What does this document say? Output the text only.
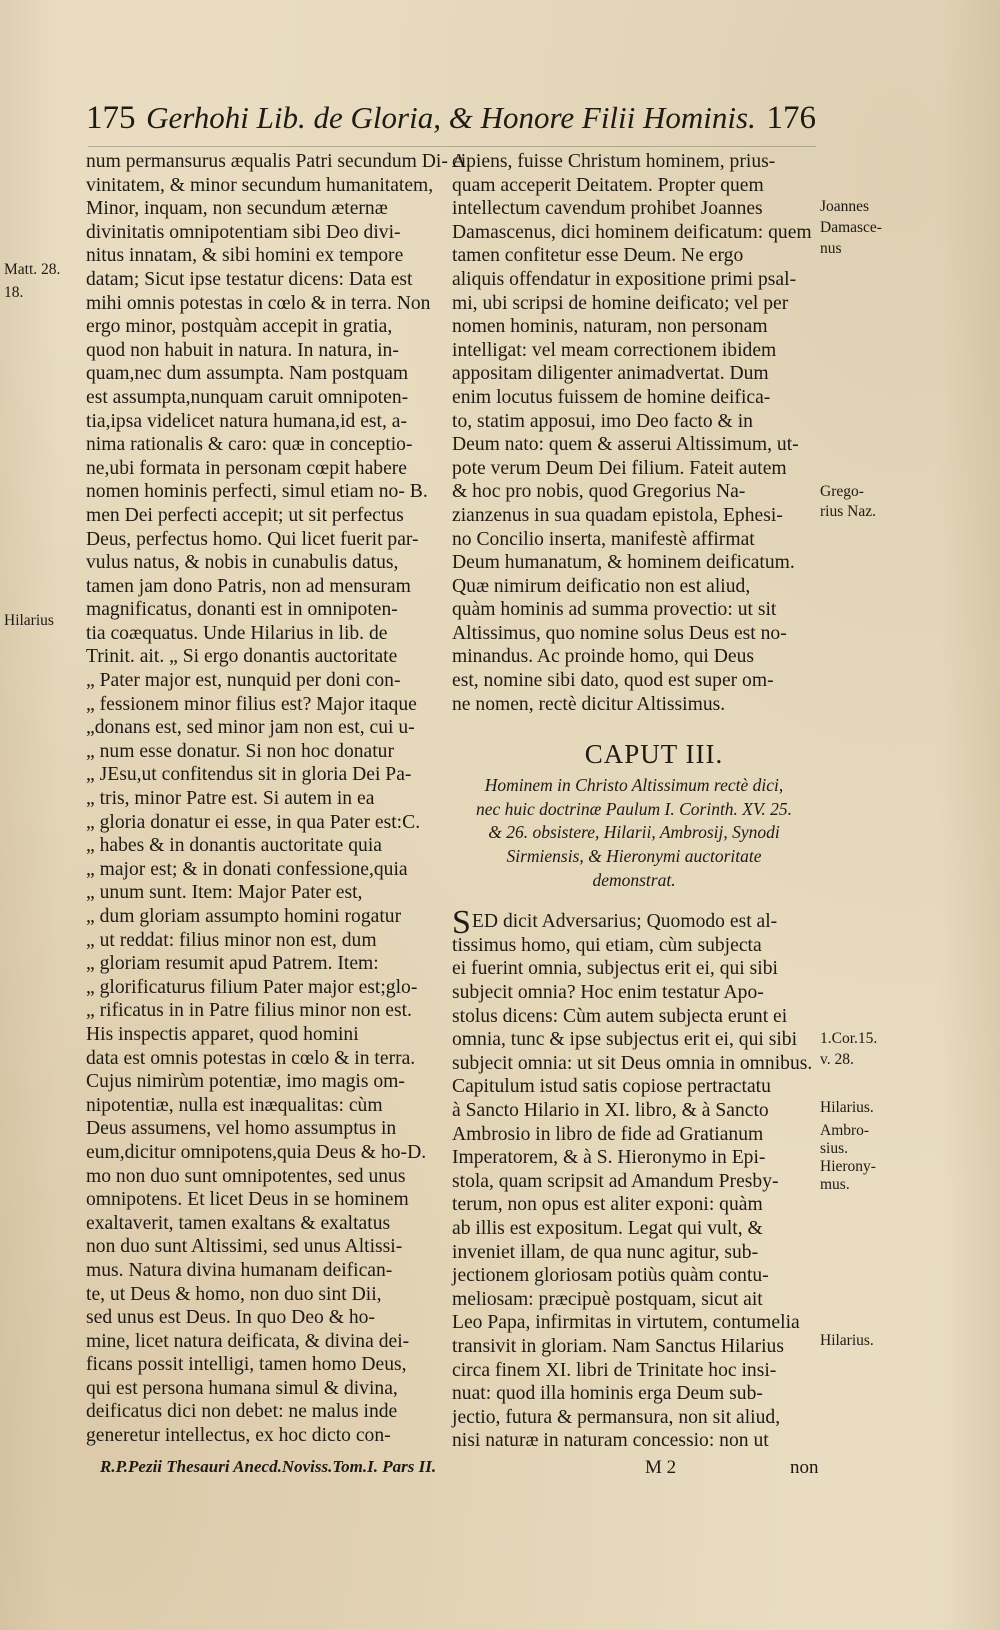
175 Gerhohi Lib. de Gloria, & Honore Filii Hominis. 176
num permansurus æqualis Patri secundum Di- A.
vinitatem, & minor secundum humanitatem,
Minor, inquam, non secundum æternæ
divinitatis omnipotentiam sibi Deo divi-
nitus innatam, & sibi homini ex tempore
datam; Sicut ipse testatur dicens: Data est
mihi omnis potestas in cœlo & in terra. Non
ergo minor, postquàm accepit in gratia,
quod non habuit in natura. In natura, in-
quam,nec dum assumpta. Nam postquam
est assumpta,nunquam caruit omnipoten-
tia,ipsa videlicet natura humana,id est, a-
nima rationalis & caro: quæ in conceptio-
ne,ubi formata in personam cœpit habere
nomen hominis perfecti, simul etiam no- B.
men Dei perfecti accepit; ut sit perfectus
Deus, perfectus homo. Qui licet fuerit par-
vulus natus, & nobis in cunabulis datus,
tamen jam dono Patris, non ad mensuram
magnificatus, donanti est in omnipoten-
tia coæquatus. Unde Hilarius in lib. de
Trinit. ait. „ Si ergo donantis auctoritate
„ Pater major est, nunquid per doni con-
„ fessionem minor filius est? Major itaque
„donans est, sed minor jam non est, cui u-
„ num esse donatur. Si non hoc donatur
„ JEsu,ut confitendus sit in gloria Dei Pa-
„ tris, minor Patre est. Si autem in ea
„ gloria donatur ei esse, in qua Pater est:C.
„ habes & in donantis auctoritate quia
„ major est; & in donati confessione,quia
„ unum sunt. Item: Major Pater est,
„ dum gloriam assumpto homini rogatur
„ ut reddat: filius minor non est, dum
„ gloriam resumit apud Patrem. Item:
„ glorificaturus filium Pater major est;glo-
„ rificatus in in Patre filius minor non est.
His inspectis apparet, quod homini
data est omnis potestas in cœlo & in terra.
Cujus nimirùm potentiæ, imo magis om-
nipotentiæ, nulla est inæqualitas: cùm
Deus assumens, vel homo assumptus in
eum,dicitur omnipotens,quia Deus & ho-D.
mo non duo sunt omnipotentes, sed unus
omnipotens. Et licet Deus in se hominem
exaltaverit, tamen exaltans & exaltatus
non duo sunt Altissimi, sed unus Altissi-
mus. Natura divina humanam deifican-
te, ut Deus & homo, non duo sint Dii,
sed unus est Deus. In quo Deo & ho-
mine, licet natura deificata, & divina dei-
ficans possit intelligi, tamen homo Deus,
qui est persona humana simul & divina,
deificatus dici non debet: ne malus inde
generetur intellectus, ex hoc dicto con-
cipiens, fuisse Christum hominem, prius-
quam acceperit Deitatem. Propter quem
intellectum cavendum prohibet Joannes
Damascenus, dici hominem deificatum: quem
tamen confitetur esse Deum. Ne ergo
aliquis offendatur in expositione primi psal-
mi, ubi scripsi de homine deificato; vel per
nomen hominis, naturam, non personam
intelligat: vel meam correctionem ibidem
appositam diligenter animadvertat. Dum
enim locutus fuissem de homine deifica-
to, statim apposui, imo Deo facto & in
Deum nato: quem & asserui Altissimum, ut-
pote verum Deum Dei filium. Fateit autem
& hoc pro nobis, quod Gregorius Na-
zianzenus in sua quadam epistola, Ephesi-
no Concilio inserta, manifestè affirmat
Deum humanatum, & hominem deificatum.
Quæ nimirum deificatio non est aliud,
quàm hominis ad summa provectio: ut sit
Altissimus, quo nomine solus Deus est no-
minandus. Ac proinde homo, qui Deus
est, nomine sibi dato, quod est super om-
ne nomen, rectè dicitur Altissimus.
CAPUT III.
Hominem in Christo Altissimum rectè dici,
nec huic doctrinæ Paulum I. Corinth. XV. 25.
& 26. obsistere, Hilarii, Ambrosij, Synodi
Sirmiensis, & Hieronymi auctoritate
demonstrat.
SED dicit Adversarius; Quomodo est al-
tissimus homo, qui etiam, cùm subjecta
ei fuerint omnia, subjectus erit ei, qui sibi
subjecit omnia? Hoc enim testatur Apo-
stolus dicens: Cùm autem subjecta erunt ei
omnia, tunc & ipse subjectus erit ei, qui sibi
subjecit omnia: ut sit Deus omnia in omnibus.
Capitulum istud satis copiose pertractatu
à Sancto Hilario in XI. libro, & à Sancto
Ambrosio in libro de fide ad Gratianum
Imperatorem, & à S. Hieronymo in Epi-
stola, quam scripsit ad Amandum Presby-
terum, non opus est aliter exponi: quàm
ab illis est expositum. Legat qui vult, &
inveniet illam, de qua nunc agitur, sub-
jectionem gloriosam potiùs quàm contu-
meliosam: præcipuè postquam, sicut ait
Leo Papa, infirmitas in virtutem, contumelia
transivit in gloriam. Nam Sanctus Hilarius
circa finem XI. libri de Trinitate hoc insi-
nuat: quod illa hominis erga Deum sub-
jectio, futura & permansura, non sit aliud,
nisi naturæ in naturam concessio: non ut
Matt. 28.
18.
Hilarius
Joannes
Damasce-
nus
Grego-
rius Naz.
1.Cor.15.
v. 28.
Hilarius.
Ambro-
sius.
Hierony-
mus.
Hilarius.
R.P.Pezii Thesauri Anecd.Noviss.Tom.I. Pars II.	M 2	non
